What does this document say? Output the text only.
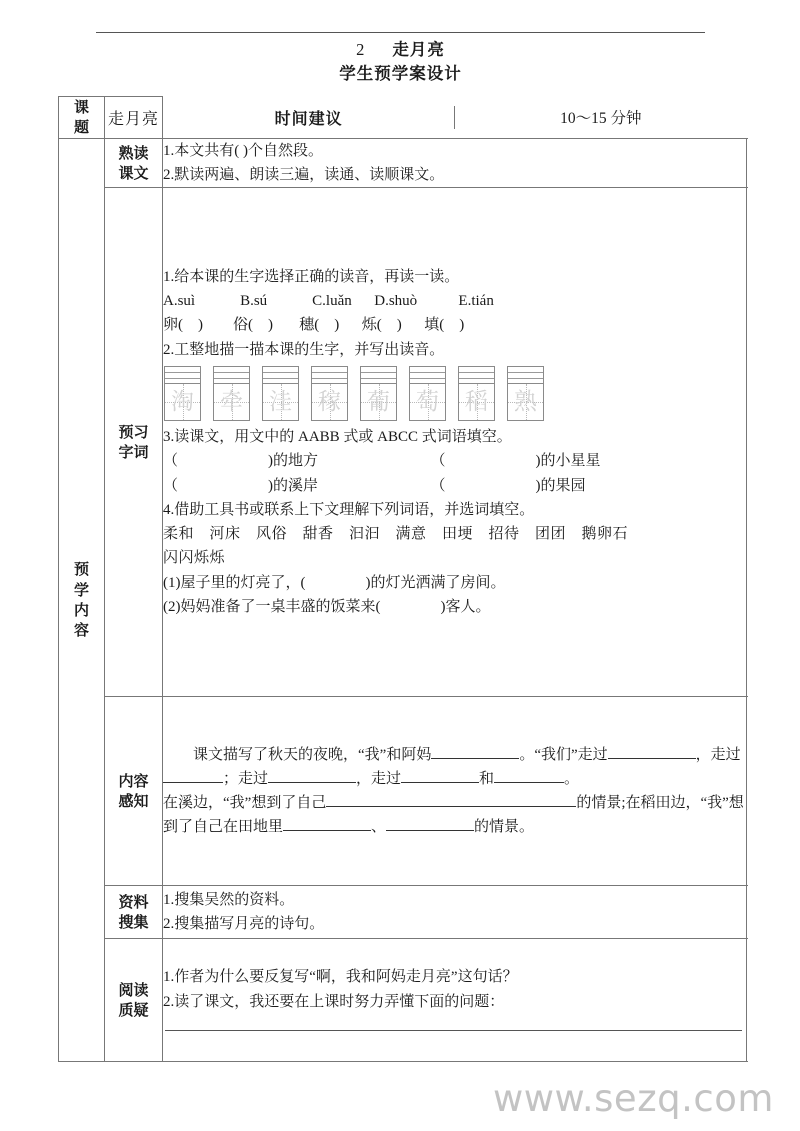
2 走月亮
学生预学案设计
课
题	走月亮		时间建议	10～15 分钟

预
学
内
容

熟读
课文

1.本文共有( )个自然段。

2.默读两遍、朗读三遍，读通、读顺课文。

预习
字词

1.给本课的生字选择正确的读音，再读一读。

A.suì            B.sú            C.luǎn      D.shuò           E.tián

卵(    )        俗(    )       穗(    )      烁(    )      填(    )

2.工整地描一描本课的生字，并写出读音。

淘 牵 洼 稼 葡 萄 稻 熟

3.读课文，用文中的 AABB 式或 ABCC 式词语填空。

（　　　　　　)的地方　　　　　　　　（　　　　　　)的小星星

（　　　　　　)的溪岸　　　　　　　　（　　　　　　)的果园

4.借助工具书或联系上下文理解下列词语，并选词填空。

柔和　河床　风俗　甜香　汩汩　满意　田埂　招待　团团　鹅卵石

闪闪烁烁

(1)屋子里的灯亮了，(　　　　	)的灯光洒满了房间。

(2)妈妈准备了一桌丰盛的饭菜来(　　　　	)客人。

内容
感知

课文描写了秋天的夜晚，“我”和阿妈	。“我们”走过	，走过；走过	，走过	和	。

在溪边，“我”想到了自己	的情景;在稻田边，“我”想到了自己在田地里	、	的情景。

资料
搜集

1.搜集吴然的资料。

2.搜集描写月亮的诗句。

阅读
质疑

1.作者为什么要反复写“啊，我和阿妈走月亮”这句话？

2.读了课文，我还要在上课时努力弄懂下面的问题：

www.sezq.com
